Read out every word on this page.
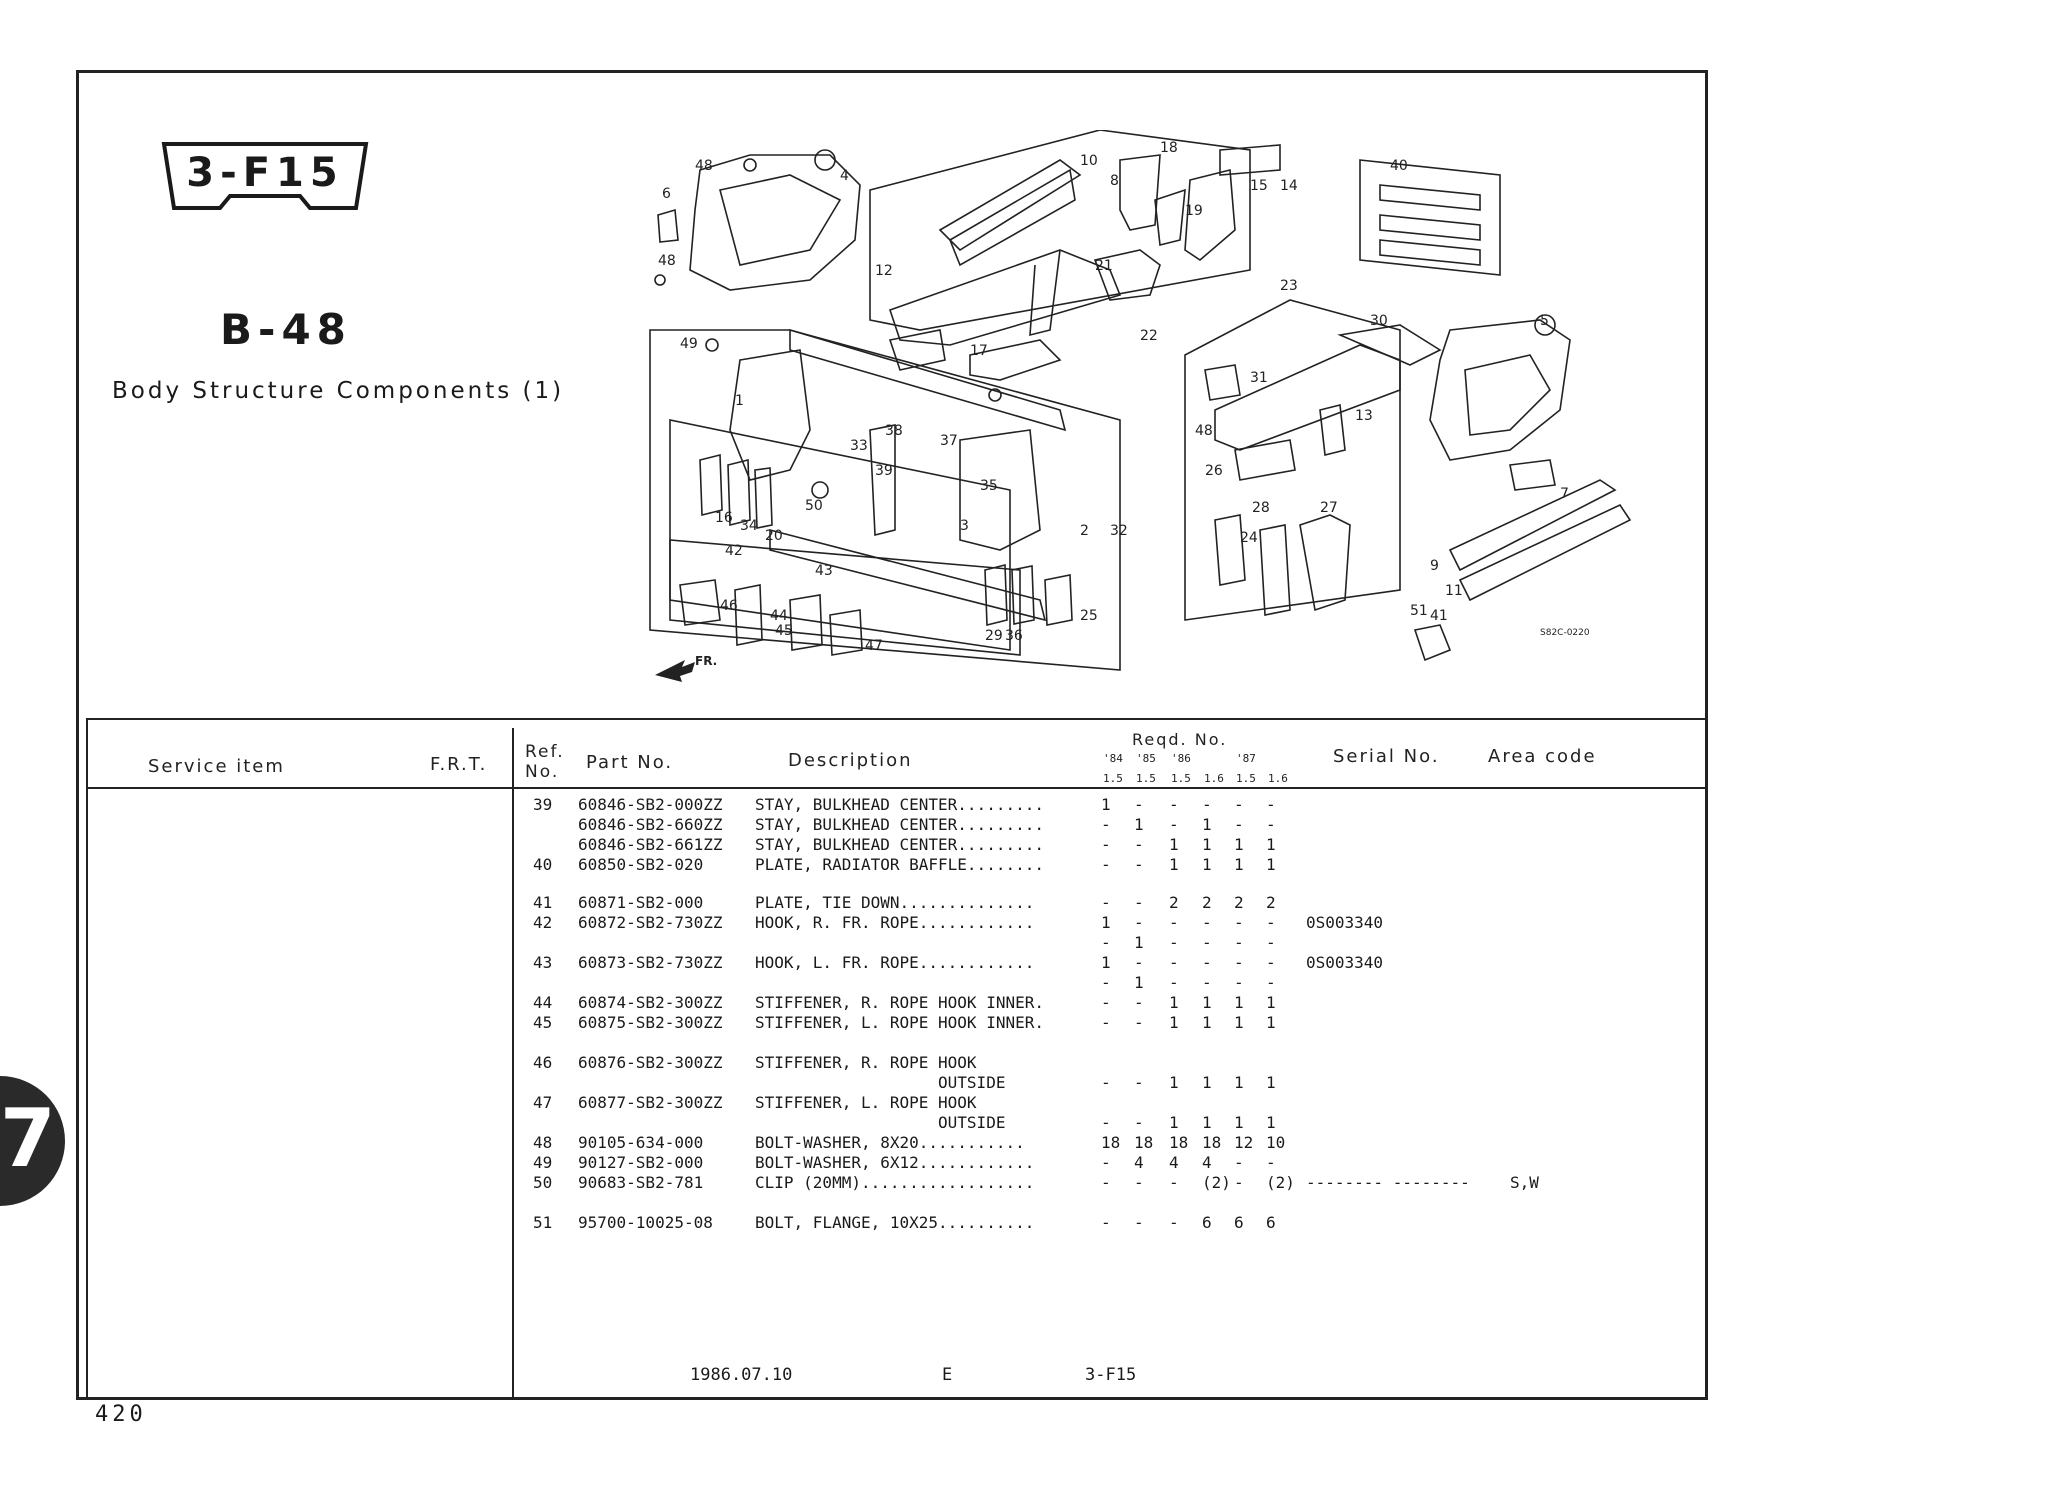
3-F15
B-48
Body Structure Components (1)
48
4
6
48
10
8
18
19
15 14
40
12	21
23
17
22
30	5
49
1
38
37
33
39
35
50
16 34
20
3	2 32
42
43
46
44
45
47
29 36
25
31
13
26
28	27
24
7
9
11
51 41
48
S82C-0220
FR.
Service item	F.R.T.
Ref.
No.	Part No.	Description
Reqd. No.
Serial No.	Area code
'84
1.5
'85
1.5
'86
1.5 1.6
'87
1.5 1.6
39 60846-SB2-000ZZ STAY, BULKHEAD CENTER.........	1 - - - - -
60846-SB2-660ZZ STAY, BULKHEAD CENTER.........	- 1 - 1 - -
60846-SB2-661ZZ STAY, BULKHEAD CENTER.........	- - 1 1 1 1
40 60850-SB2-020	PLATE, RADIATOR BAFFLE........	- - 1 1 1 1
41 60871-SB2-000	PLATE, TIE DOWN..............	- - 2 2 2 2
42 60872-SB2-730ZZ HOOK, R. FR. ROPE............	1 - - - - - 0S003340
- 1 - - - -
43 60873-SB2-730ZZ HOOK, L. FR. ROPE............	1 - - - - - 0S003340
- 1 - - - -
44 60874-SB2-300ZZ STIFFENER, R. ROPE HOOK INNER.	- - 1 1 1 1
45 60875-SB2-300ZZ STIFFENER, L. ROPE HOOK INNER.	- - 1 1 1 1
46 60876-SB2-300ZZ STIFFENER, R. ROPE HOOK
OUTSIDE	- - 1 1 1 1
47 60877-SB2-300ZZ STIFFENER, L. ROPE HOOK
OUTSIDE	- - 1 1 1 1
48 90105-634-000	BOLT-WASHER, 8X20...........	18 18 18 18 12 10
49 90127-SB2-000	BOLT-WASHER, 6X12............	- 4 4 4 - -
50 90683-SB2-781	CLIP (20MM)..................	- - - (2) - (2) -------- --------	S,W
51 95700-10025-08	BOLT, FLANGE, 10X25..........	- - - 6 6 6
1986.07.10	E	3-F15
420
7
